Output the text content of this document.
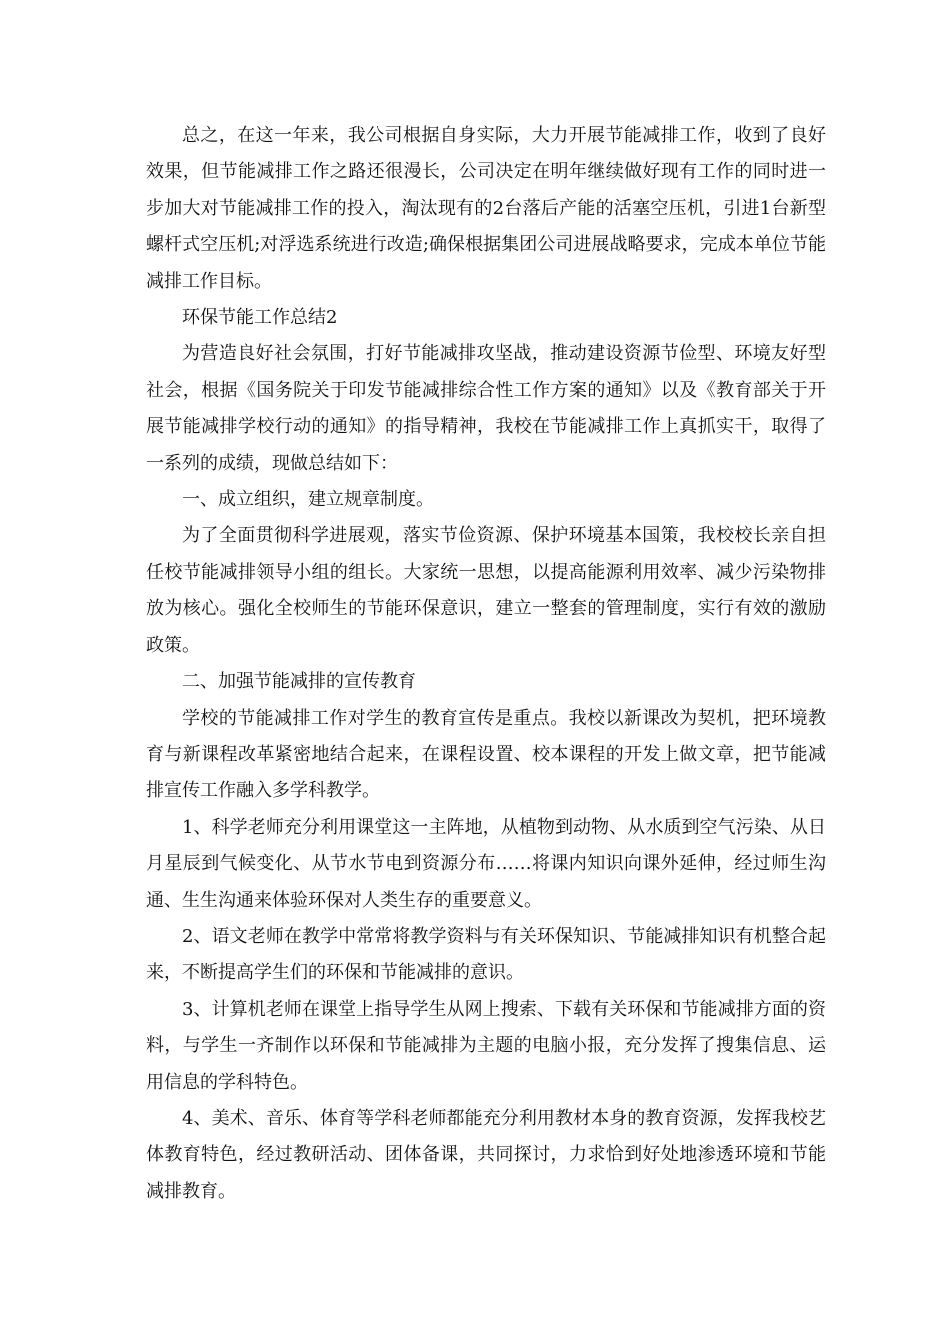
总之，在这一年来，我公司根据自身实际，大力开展节能减排工作，收到了良好效果，但节能减排工作之路还很漫长，公司决定在明年继续做好现有工作的同时进一步加大对节能减排工作的投入，淘汰现有的2台落后产能的活塞空压机，引进1台新型螺杆式空压机;对浮选系统进行改造;确保根据集团公司进展战略要求，完成本单位节能减排工作目标。

环保节能工作总结2

为营造良好社会氛围，打好节能减排攻坚战，推动建设资源节俭型、环境友好型社会，根据《国务院关于印发节能减排综合性工作方案的通知》以及《教育部关于开展节能减排学校行动的通知》的指导精神，我校在节能减排工作上真抓实干，取得了一系列的成绩，现做总结如下：

一、成立组织，建立规章制度。

为了全面贯彻科学进展观，落实节俭资源、保护环境基本国策，我校校长亲自担任校节能减排领导小组的组长。大家统一思想，以提高能源利用效率、减少污染物排放为核心。强化全校师生的节能环保意识，建立一整套的管理制度，实行有效的激励政策。

二、加强节能减排的宣传教育

学校的节能减排工作对学生的教育宣传是重点。我校以新课改为契机，把环境教育与新课程改革紧密地结合起来，在课程设置、校本课程的开发上做文章，把节能减排宣传工作融入多学科教学。

1、科学老师充分利用课堂这一主阵地，从植物到动物、从水质到空气污染、从日月星辰到气候变化、从节水节电到资源分布……将课内知识向课外延伸，经过师生沟通、生生沟通来体验环保对人类生存的重要意义。

2、语文老师在教学中常常将教学资料与有关环保知识、节能减排知识有机整合起来，不断提高学生们的环保和节能减排的意识。

3、计算机老师在课堂上指导学生从网上搜索、下载有关环保和节能减排方面的资料，与学生一齐制作以环保和节能减排为主题的电脑小报，充分发挥了搜集信息、运用信息的学科特色。

4、美术、音乐、体育等学科老师都能充分利用教材本身的教育资源，发挥我校艺体教育特色，经过教研活动、团体备课，共同探讨，力求恰到好处地渗透环境和节能减排教育。
